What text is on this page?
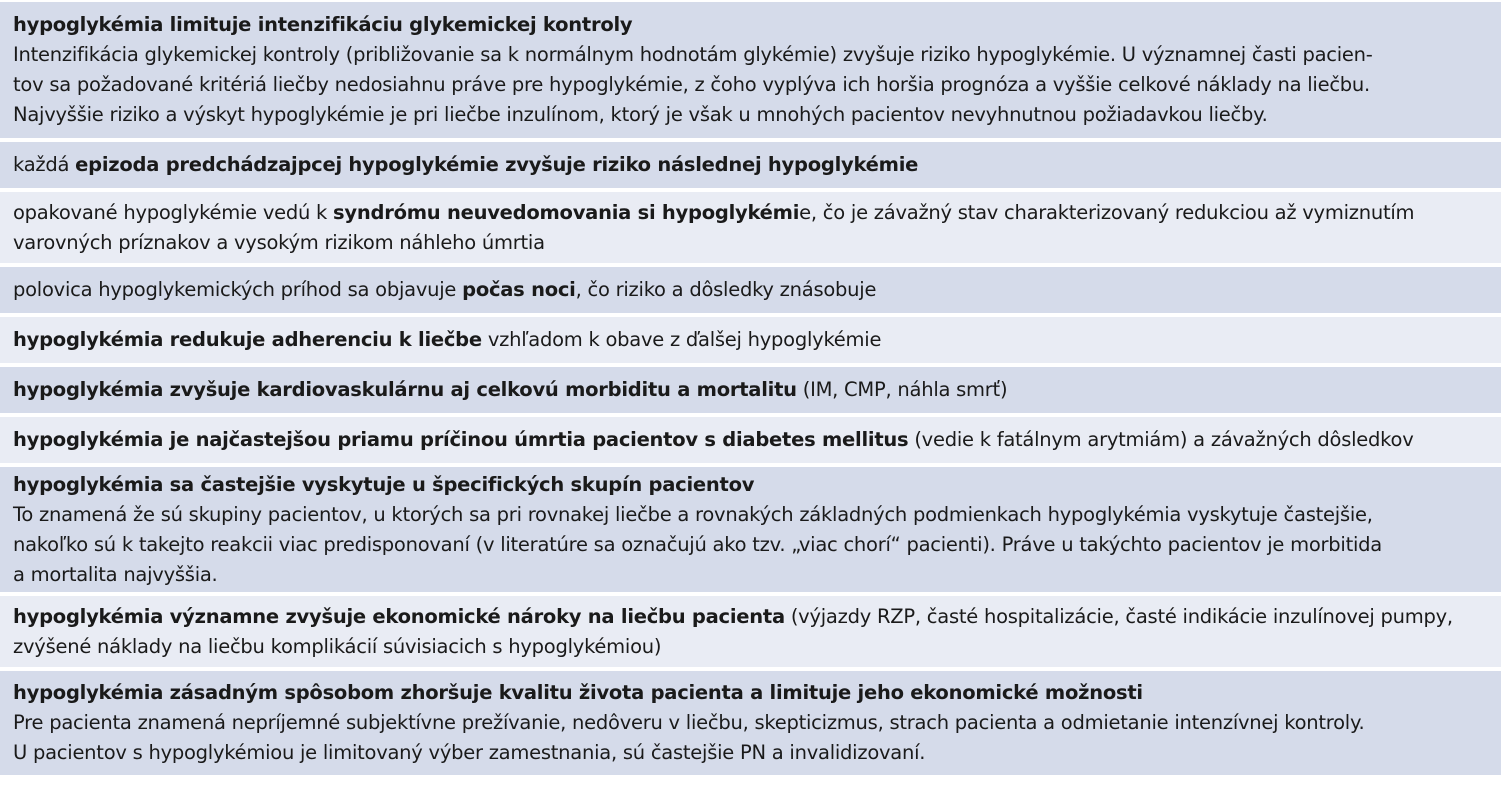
hypoglykémia limituje intenzifikáciu glykemickej kontroly
Intenzifikácia glykemickej kontroly (približovanie sa k normálnym hodnotám glykémie) zvyšuje riziko hypoglykémie. U významnej časti pacien-
tov sa požadované kritériá liečby nedosiahnu práve pre hypoglykémie, z čoho vyplýva ich horšia prognóza a vyššie celkové náklady na liečbu.
Najvyššie riziko a výskyt hypoglykémie je pri liečbe inzulínom, ktorý je však u mnohých pacientov nevyhnutnou požiadavkou liečby.
každá epizoda predchádzajpcej hypoglykémie zvyšuje riziko následnej hypoglykémie
opakované hypoglykémie vedú k syndrómu neuvedomovania si hypoglykémie, čo je závažný stav charakterizovaný redukciou až vymiznutím
varovných príznakov a vysokým rizikom náhleho úmrtia
polovica hypoglykemických príhod sa objavuje počas noci, čo riziko a dôsledky znásobuje
hypoglykémia redukuje adherenciu k liečbe vzhľadom k obave z ďalšej hypoglykémie
hypoglykémia zvyšuje kardiovaskulárnu aj celkovú morbiditu a mortalitu (IM, CMP, náhla smrť)
hypoglykémia je najčastejšou priamu príčinou úmrtia pacientov s diabetes mellitus (vedie k fatálnym arytmiám) a závažných dôsledkov
hypoglykémia sa častejšie vyskytuje u špecifických skupín pacientov
To znamená že sú skupiny pacientov, u ktorých sa pri rovnakej liečbe a rovnakých základných podmienkach hypoglykémia vyskytuje častejšie,
nakoľko sú k takejto reakcii viac predisponovaní (v literatúre sa označujú ako tzv. „viac chorí“ pacienti). Práve u takýchto pacientov je morbitida
a mortalita najvyššia.
hypoglykémia významne zvyšuje ekonomické nároky na liečbu pacienta (výjazdy RZP, časté hospitalizácie, časté indikácie inzulínovej pumpy,
zvýšené náklady na liečbu komplikácií súvisiacich s hypoglykémiou)
hypoglykémia zásadným spôsobom zhoršuje kvalitu života pacienta a limituje jeho ekonomické možnosti
Pre pacienta znamená nepríjemné subjektívne prežívanie, nedôveru v liečbu, skepticizmus, strach pacienta a odmietanie intenzívnej kontroly.
U pacientov s hypoglykémiou je limitovaný výber zamestnania, sú častejšie PN a invalidizovaní.
